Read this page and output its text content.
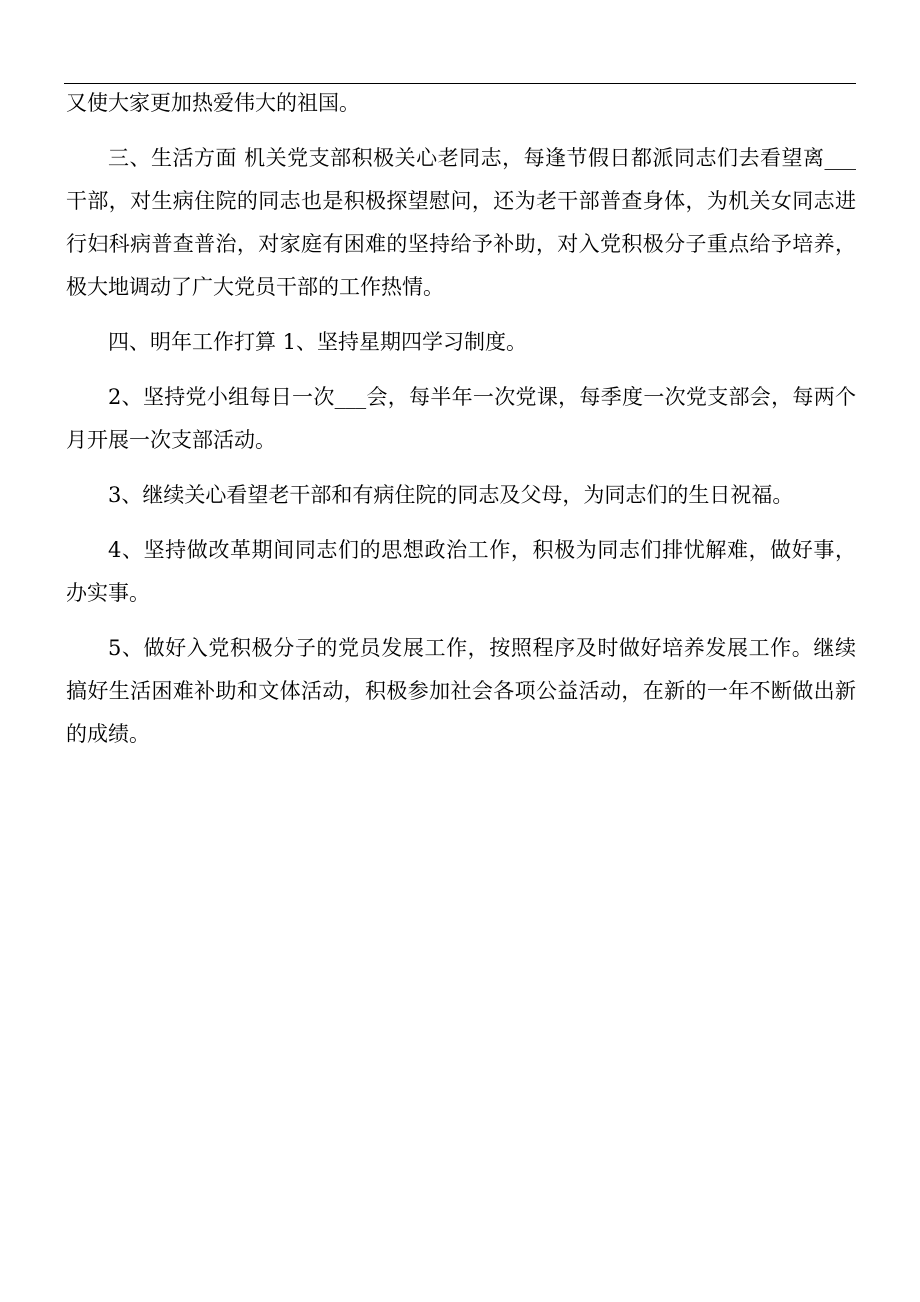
又使大家更加热爱伟大的祖国。

三、生活方面 机关党支部积极关心老同志，每逢节假日都派同志们去看望离___干部，对生病住院的同志也是积极探望慰问，还为老干部普查身体，为机关女同志进行妇科病普查普治，对家庭有困难的坚持给予补助，对入党积极分子重点给予培养，极大地调动了广大党员干部的工作热情。

四、明年工作打算 1、坚持星期四学习制度。

2、坚持党小组每日一次___会，每半年一次党课，每季度一次党支部会，每两个月开展一次支部活动。

3、继续关心看望老干部和有病住院的同志及父母，为同志们的生日祝福。

4、坚持做改革期间同志们的思想政治工作，积极为同志们排忧解难，做好事，办实事。

5、做好入党积极分子的党员发展工作，按照程序及时做好培养发展工作。继续搞好生活困难补助和文体活动，积极参加社会各项公益活动，在新的一年不断做出新的成绩。
